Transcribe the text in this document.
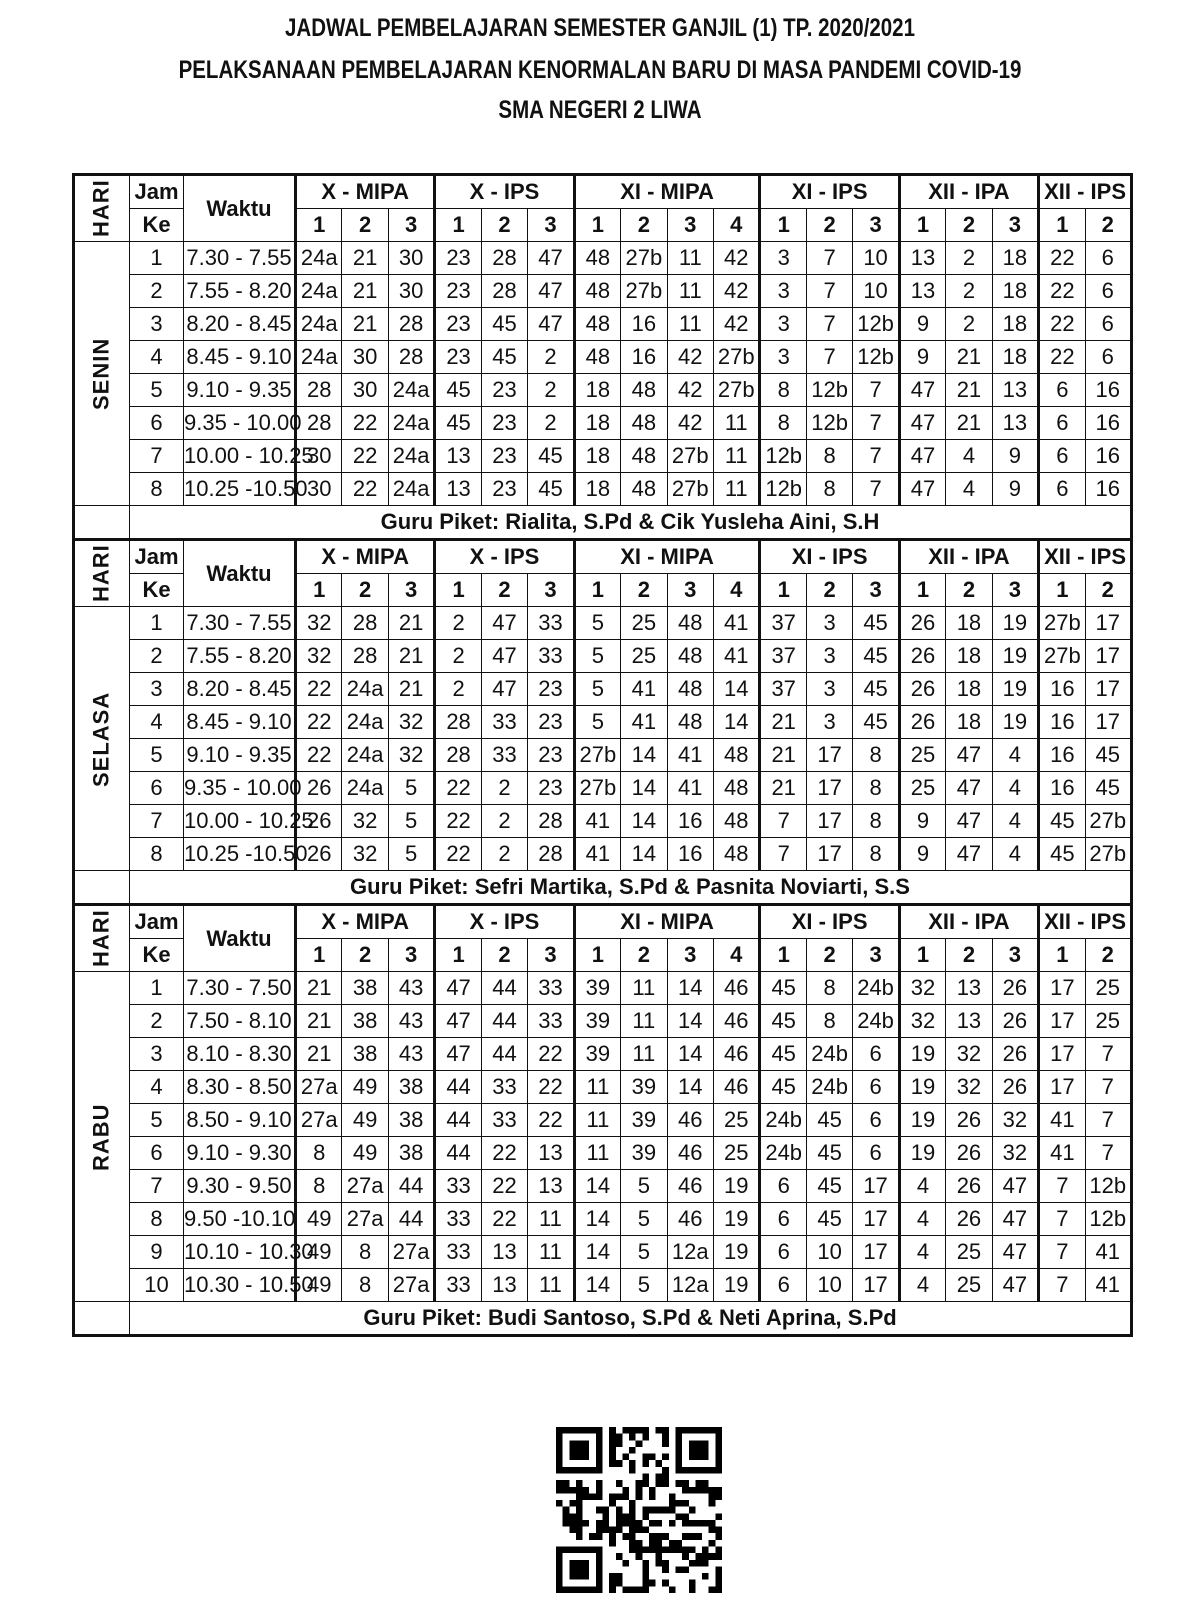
JADWAL PEMBELAJARAN SEMESTER GANJIL (1) TP. 2020/2021
PELAKSANAAN PEMBELAJARAN KENORMALAN BARU DI MASA PANDEMI COVID-19
SMA NEGERI 2 LIWA
HARI	Jam	Waktu	X - MIPA			X - IPS			XI - MIPA				XI - IPS			XII - IPA			XII - IPS	
	Ke		1	2	3	1	2	3	1	2	3	4	1	2	3	1	2	3	1	2
SENIN	1	7.30 - 7.55	24a	21	30	23	28	47	48	27b	11	42	3	7	10	13	2	18	22	6
	2	7.55 - 8.20	24a	21	30	23	28	47	48	27b	11	42	3	7	10	13	2	18	22	6
	3	8.20 - 8.45	24a	21	28	23	45	47	48	16	11	42	3	7	12b	9	2	18	22	6
	4	8.45 - 9.10	24a	30	28	23	45	2	48	16	42	27b	3	7	12b	9	21	18	22	6
	5	9.10 - 9.35	28	30	24a	45	23	2	18	48	42	27b	8	12b	7	47	21	13	6	16
	6	9.35 - 10.00	28	22	24a	45	23	2	18	48	42	11	8	12b	7	47	21	13	6	16
	7	10.00 - 10.25	30	22	24a	13	23	45	18	48	27b	11	12b	8	7	47	4	9	6	16
	8	10.25 -10.50	30	22	24a	13	23	45	18	48	27b	11	12b	8	7	47	4	9	6	16
	Guru Piket: Rialita, S.Pd & Cik Yusleha Aini, S.H																			
HARI	Jam	Waktu	X - MIPA			X - IPS			XI - MIPA				XI - IPS			XII - IPA			XII - IPS	
	Ke		1	2	3	1	2	3	1	2	3	4	1	2	3	1	2	3	1	2
SELASA	1	7.30 - 7.55	32	28	21	2	47	33	5	25	48	41	37	3	45	26	18	19	27b	17
	2	7.55 - 8.20	32	28	21	2	47	33	5	25	48	41	37	3	45	26	18	19	27b	17
	3	8.20 - 8.45	22	24a	21	2	47	23	5	41	48	14	37	3	45	26	18	19	16	17
	4	8.45 - 9.10	22	24a	32	28	33	23	5	41	48	14	21	3	45	26	18	19	16	17
	5	9.10 - 9.35	22	24a	32	28	33	23	27b	14	41	48	21	17	8	25	47	4	16	45
	6	9.35 - 10.00	26	24a	5	22	2	23	27b	14	41	48	21	17	8	25	47	4	16	45
	7	10.00 - 10.25	26	32	5	22	2	28	41	14	16	48	7	17	8	9	47	4	45	27b
	8	10.25 -10.50	26	32	5	22	2	28	41	14	16	48	7	17	8	9	47	4	45	27b
	Guru Piket: Sefri Martika, S.Pd & Pasnita Noviarti, S.S																			
HARI	Jam	Waktu	X - MIPA			X - IPS			XI - MIPA				XI - IPS			XII - IPA			XII - IPS	
	Ke		1	2	3	1	2	3	1	2	3	4	1	2	3	1	2	3	1	2
RABU	1	7.30 - 7.50	21	38	43	47	44	33	39	11	14	46	45	8	24b	32	13	26	17	25
	2	7.50 - 8.10	21	38	43	47	44	33	39	11	14	46	45	8	24b	32	13	26	17	25
	3	8.10 - 8.30	21	38	43	47	44	22	39	11	14	46	45	24b	6	19	32	26	17	7
	4	8.30 - 8.50	27a	49	38	44	33	22	11	39	14	46	45	24b	6	19	32	26	17	7
	5	8.50 - 9.10	27a	49	38	44	33	22	11	39	46	25	24b	45	6	19	26	32	41	7
	6	9.10 - 9.30	8	49	38	44	22	13	11	39	46	25	24b	45	6	19	26	32	41	7
	7	9.30 - 9.50	8	27a	44	33	22	13	14	5	46	19	6	45	17	4	26	47	7	12b
	8	9.50 -10.10	49	27a	44	33	22	11	14	5	46	19	6	45	17	4	26	47	7	12b
	9	10.10 - 10.30	49	8	27a	33	13	11	14	5	12a	19	6	10	17	4	25	47	7	41
	10	10.30 - 10.50	49	8	27a	33	13	11	14	5	12a	19	6	10	17	4	25	47	7	41
	Guru Piket: Budi Santoso, S.Pd & Neti Aprina, S.Pd																			
